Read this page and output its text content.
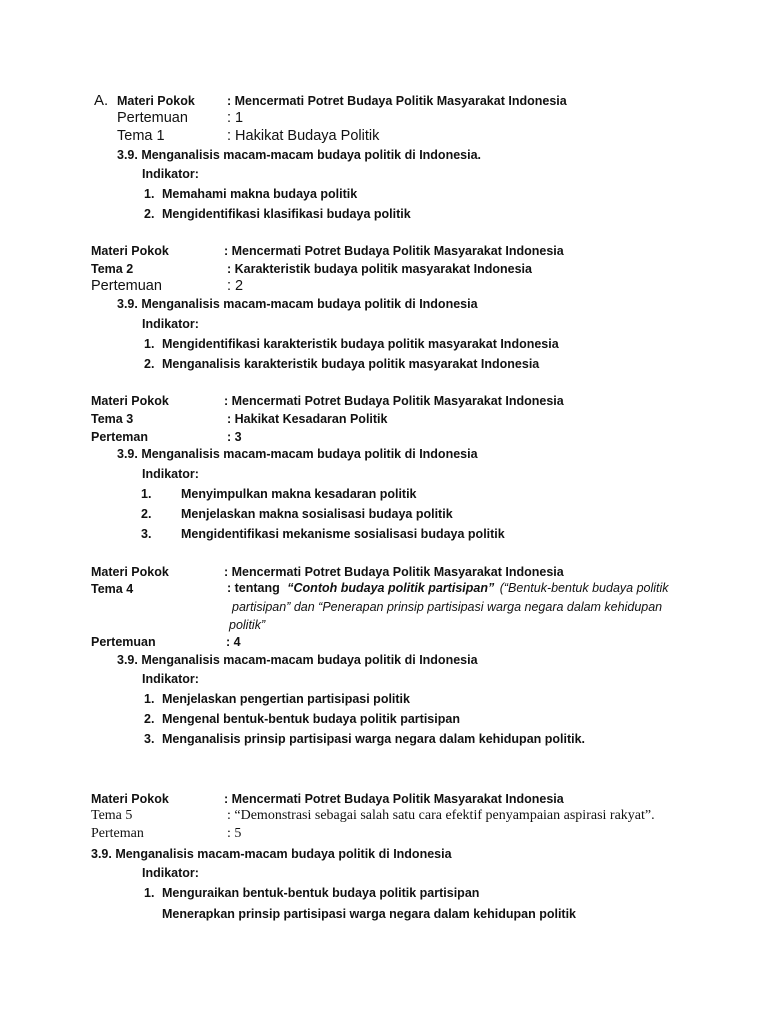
A. Materi Pokok	: Mencermati Potret Budaya Politik Masyarakat Indonesia
Pertemuan	: 1
Tema 1	: Hakikat Budaya Politik
3.9. Menganalisis macam-macam budaya politik di Indonesia.
Indikator:
1. Memahami makna budaya politik
2. Mengidentifikasi klasifikasi budaya politik
Materi Pokok	: Mencermati Potret Budaya Politik Masyarakat Indonesia
Tema 2	: Karakteristik budaya politik masyarakat Indonesia
Pertemuan	: 2
3.9. Menganalisis macam-macam budaya politik di Indonesia
Indikator:
1. Mengidentifikasi karakteristik budaya politik masyarakat Indonesia
2. Menganalisis karakteristik budaya politik masyarakat Indonesia
Materi Pokok	: Mencermati Potret Budaya Politik Masyarakat Indonesia
Tema 3	: Hakikat Kesadaran Politik
Perteman	: 3
3.9. Menganalisis macam-macam budaya politik di Indonesia
Indikator:
1. Menyimpulkan makna kesadaran politik
2. Menjelaskan makna sosialisasi budaya politik
3. Mengidentifikasi mekanisme sosialisasi budaya politik
Materi Pokok	: Mencermati Potret Budaya Politik Masyarakat Indonesia
Tema 4	: tentang “Contoh budaya politik partisipan” (“Bentuk-bentuk budaya politik
partisipan” dan “Penerapan prinsip partisipasi warga negara dalam kehidupan
politik”
Pertemuan	: 4
3.9. Menganalisis macam-macam budaya politik di Indonesia
Indikator:
1. Menjelaskan pengertian partisipasi politik
2. Mengenal bentuk-bentuk budaya politik partisipan
3. Menganalisis prinsip partisipasi warga negara dalam kehidupan politik.
Materi Pokok	: Mencermati Potret Budaya Politik Masyarakat Indonesia
Tema 5	: “Demonstrasi sebagai salah satu cara efektif penyampaian aspirasi rakyat”.
Perteman	: 5
3.9. Menganalisis macam-macam budaya politik di Indonesia
Indikator:
1. Menguraikan bentuk-bentuk budaya politik partisipan
Menerapkan prinsip partisipasi warga negara dalam kehidupan politik
